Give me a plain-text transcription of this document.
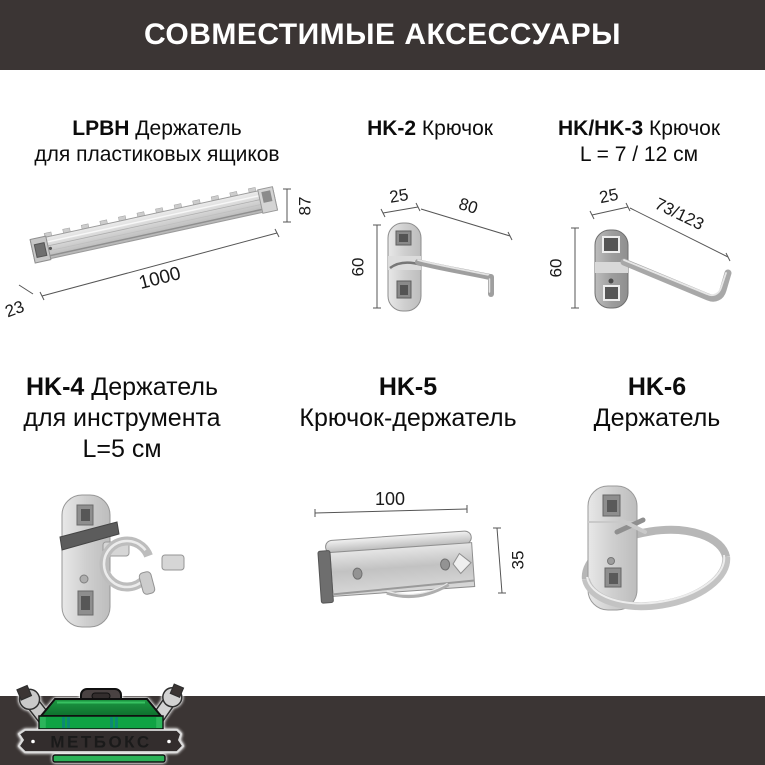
СОВМЕСТИМЫЕ АКСЕССУАРЫ
LPBH Держатель
для пластиковых ящиков
HK-2 Крючок	HK/HK-3 Крючок
L = 7 / 12 см
HK-4 Держатель
для инструмента
L=5 см
HK-5
Крючок-держатель
HK-6
Держатель
87
1000
23
25	80
60
25 73/123
60
100
35
МЕТБОКС
